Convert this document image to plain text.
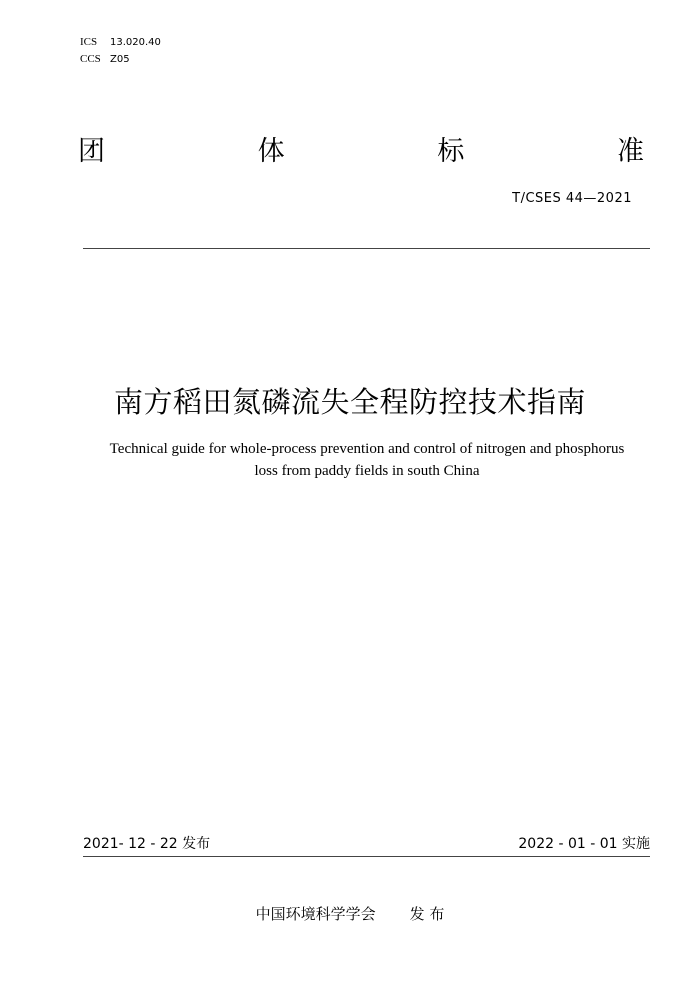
ICS	13.020.40
CCS Z05
团	体	标	准
T/CSES 44—2021
南方稻田氮磷流失全程防控技术指南
Technical guide for whole-process prevention and control of nitrogen and phosphorus
loss from paddy fields in south China
2021- 12 - 22 发布	2022 - 01 - 01 实施
中国环境科学学会 发 布
